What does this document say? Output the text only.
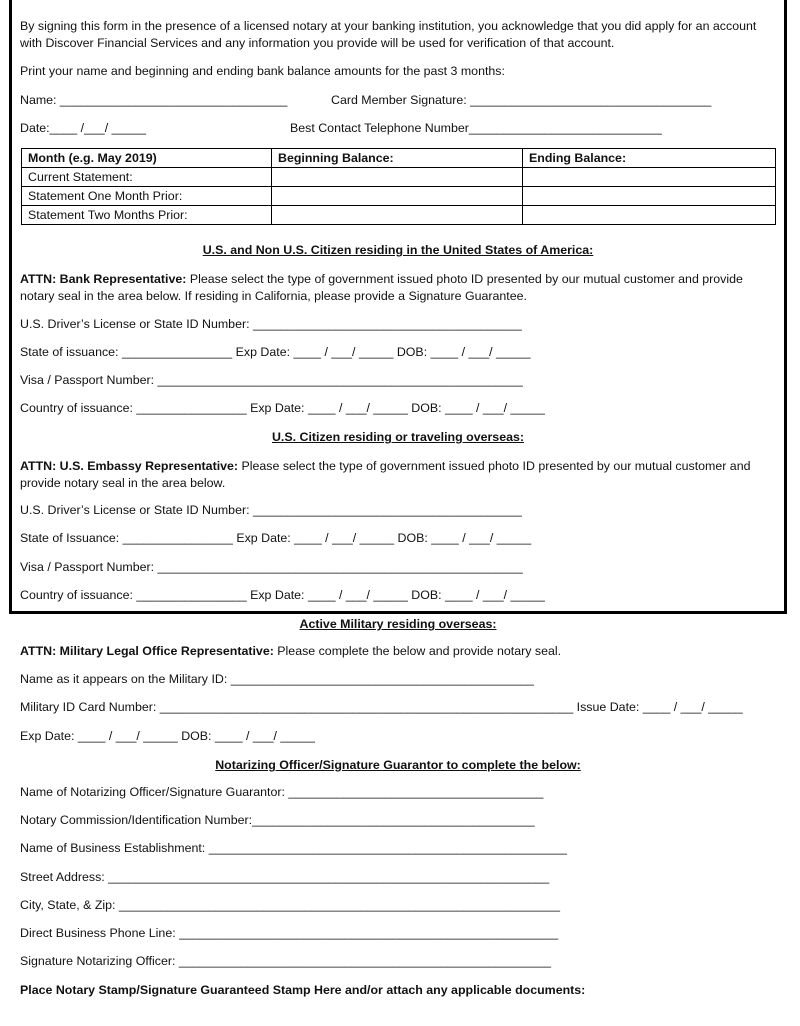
By signing this form in the presence of a licensed notary at your banking institution, you acknowledge that you did apply for an account with Discover Financial Services and any information you provide will be used for verification of that account.
Print your name and beginning and ending bank balance amounts for the past 3 months:
Name: _________________________________	Card Member Signature: ___________________________________
Date:____ /___/ _____	Best Contact Telephone Number____________________________
Month (e.g. May 2019)	Beginning Balance:	Ending Balance:
Current Statement:		
Statement One Month Prior:		
Statement Two Months Prior:		
U.S. and Non U.S. Citizen residing in the United States of America:
ATTN: Bank Representative: Please select the type of government issued photo ID presented by our mutual customer and provide notary seal in the area below. If residing in California, please provide a Signature Guarantee.
U.S. Driver’s License or State ID Number: _______________________________________
State of issuance: ________________ Exp Date: ____ / ___/ _____ DOB: ____ / ___/ _____
Visa / Passport Number: _____________________________________________________
Country of issuance: ________________ Exp Date: ____ / ___/ _____ DOB: ____ / ___/ _____
U.S. Citizen residing or traveling overseas:
ATTN: U.S. Embassy Representative: Please select the type of government issued photo ID presented by our mutual customer and provide notary seal in the area below.
U.S. Driver’s License or State ID Number: _______________________________________
State of Issuance: ________________ Exp Date: ____ / ___/ _____ DOB: ____ / ___/ _____
Visa / Passport Number: _____________________________________________________
Country of issuance: ________________ Exp Date: ____ / ___/ _____ DOB: ____ / ___/ _____
Active Military residing overseas:
ATTN: Military Legal Office Representative: Please complete the below and provide notary seal.
Name as it appears on the Military ID: ____________________________________________
Military ID Card Number: ____________________________________________________________ Issue Date: ____ / ___/ _____
Exp Date: ____ / ___/ _____ DOB: ____ / ___/ _____
Notarizing Officer/Signature Guarantor to complete the below:
Name of Notarizing Officer/Signature Guarantor: _____________________________________
Notary Commission/Identification Number:_________________________________________
Name of Business Establishment: ____________________________________________________
Street Address: ________________________________________________________________
City, State, & Zip: ________________________________________________________________
Direct Business Phone Line: _______________________________________________________
Signature Notarizing Officer: ______________________________________________________
Place Notary Stamp/Signature Guaranteed Stamp Here and/or attach any applicable documents:
